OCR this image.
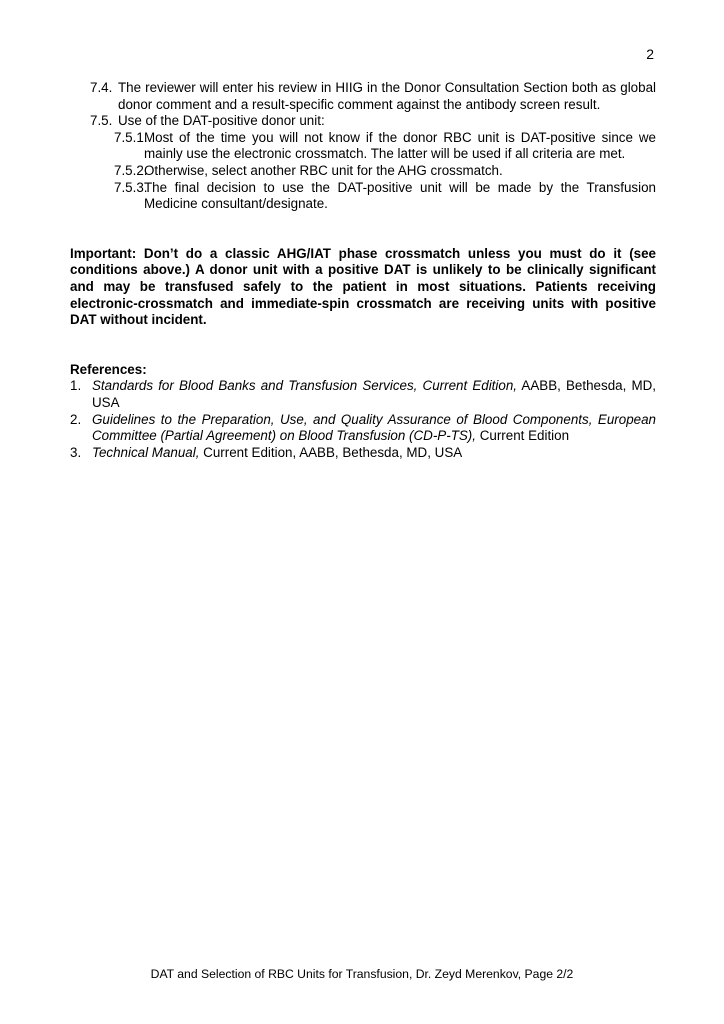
2
7.4. The reviewer will enter his review in HIIG in the Donor Consultation Section both as global donor comment and a result-specific comment against the antibody screen result.
7.5. Use of the DAT-positive donor unit:
7.5.1.
Most of the time you will not know if the donor RBC unit is DAT-positive since we mainly use the electronic crossmatch. The latter will be used if all criteria are met.
7.5.2.
Otherwise, select another RBC unit for the AHG crossmatch.
7.5.3.
The final decision to use the DAT-positive unit will be made by the Transfusion Medicine consultant/designate.
Important: Don’t do a classic AHG/IAT phase crossmatch unless you must do it (see conditions above.) A donor unit with a positive DAT is unlikely to be clinically significant and may be transfused safely to the patient in most situations. Patients receiving electronic-crossmatch and immediate-spin crossmatch are receiving units with positive DAT without incident.
References:
1. Standards for Blood Banks and Transfusion Services, Current Edition, AABB, Bethesda, MD, USA
2. Guidelines to the Preparation, Use, and Quality Assurance of Blood Components, European Committee (Partial Agreement) on Blood Transfusion (CD-P-TS), Current Edition
3. Technical Manual, Current Edition, AABB, Bethesda, MD, USA
DAT and Selection of RBC Units for Transfusion, Dr. Zeyd Merenkov, Page 2/2
